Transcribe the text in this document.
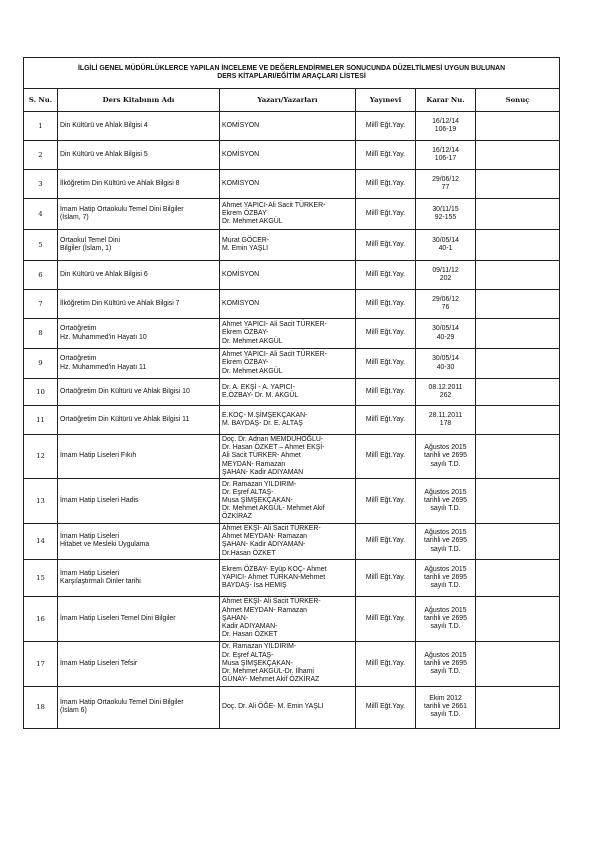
İLGİLİ GENEL MÜDÜRLÜKLERCE YAPILAN İNCELEME VE DEĞERLENDİRMELER SONUCUNDA DÜZELTİLMESİ UYGUN BULUNAN
DERS KİTAPLARI/EĞİTİM ARAÇLARI LİSTESİ					

S. Nu.	Ders Kitabının Adı	Yazarı/Yazarları	Yayınevi	Karar Nu.	Sonuç
1	Din Kültürü ve Ahlak Bilgisi 4	KOMİSYON	Millî Eğt.Yay.	16/12/14
106-19	
2	Din Kültürü ve Ahlak Bilgisi 5	KOMİSYON	Millî Eğt.Yay.	16/12/14
106-17	
3	İlköğretim Din Kültürü ve Ahlak Bilgisi 8	KOMİSYON	Millî Eğt.Yay.	29/06/12
77	
4	İmam Hatip Ortaokulu Temel Dini Bilgiler
(İslam, 7)	Ahmet YAPICI-Ali Sacit TÜRKER-
Ekrem ÖZBAY
Dr. Mehmet AKGÜL	Millî Eğt.Yay.	30/11/15
92-155	
5	Ortaokul Temel Dini
Bilgiler (İslam, 1)	Murat GÖCER-
M. Emin YAŞLI	Millî Eğt.Yay.	30/05/14
40-1	
6	Din Kültürü ve Ahlak Bilgisi 6	KOMİSYON	Millî Eğt.Yay.	09/11/12
202	
7	İlköğretim Din Kültürü ve Ahlak Bilgisi 7	KOMİSYON	Millî Eğt.Yay.	29/06/12
76	
8	Ortaöğretim
Hz. Muhammed'in Hayatı 10	Ahmet YAPICI- Ali Sacit TÜRKER-
Ekrem ÖZBAY-
Dr. Mehmet AKGÜL	Millî Eğt.Yay.	30/05/14
40-29	
9	Ortaöğretim
Hz. Muhammed'in Hayatı 11	Ahmet YAPICI- Ali Sacit TÜRKER-
Ekrem ÖZBAY-
Dr. Mehmet AKGÜL	Millî Eğt.Yay.	30/05/14
40-30	
10	Ortaöğretim Din Kültürü ve Ahlak Bilgisi 10	Dr. A. EKŞİ - A. YAPICI-
E.ÖZBAY- Dr. M. AKGÜL	Millî Eğt.Yay.	08.12.2011
262	
11	Ortaöğretim Din Kültürü ve Ahlak Bilgisi 11	E.KOÇ- M.ŞİMŞEKÇAKAN-
M. BAYDAŞ- Dr. E. ALTAŞ	Millî Eğt.Yay.	28.11.2011
178	
12	İmam Hatip Liseleri Fıkıh	Doç. Dr. Adnan MEMDUHOĞLU-
Dr. Hasan ÖZKET – Ahmet EKŞİ-
Ali Sacit TÜRKER- Ahmet
MEYDAN- Ramazan
ŞAHAN- Kadir ADIYAMAN	Millî Eğt.Yay.	Ağustos 2015
tarihli ve 2695
sayılı T.D.	
13	İmam Hatip Liseleri Hadis	Dr. Ramazan YILDIRIM-
Dr. Eşref ALTAŞ-
Musa ŞİMŞEKÇAKAN-
Dr. Mehmet AKGÜL- Mehmet Akif
ÖZKİRAZ	Millî Eğt.Yay.	Ağustos 2015
tarihli ve 2695
sayılı T.D.	
14	İmam Hatip Liseleri
Hitabet ve Mesleki Uygulama	Ahmet EKŞİ- Ali Sacit TÜRKER-
Ahmet MEYDAN- Ramazan
ŞAHAN- Kadir ADIYAMAN-
Dr.Hasan ÖZKET	Millî Eğt.Yay.	Ağustos 2015
tarihli ve 2695
sayılı T.D.	
15	İmam Hatip Liseleri
Karşılaştırmalı Dinler tarihi	Ekrem ÖZBAY- Eyüp KOÇ- Ahmet
YAPICI- Ahmet TÜRKAN-Mehmet
BAYDAŞ- İsa HEMİŞ	Millî Eğt.Yay.	Ağustos 2015
tarihli ve 2695
sayılı T.D.	
16	İmam Hatip Liseleri Temel Dini Bilgiler	Ahmet EKŞİ- Ali Sacit TÜRKER-
Ahmet MEYDAN- Ramazan
ŞAHAN-
Kadir ADIYAMAN-
Dr. Hasan ÖZKET	Millî Eğt.Yay.	Ağustos 2015
tarihli ve 2695
sayılı T.D.	
17	İmam Hatip Liseleri Tefsir	Dr. Ramazan YILDIRIM-
Dr. Eşref ALTAŞ-
Musa ŞİMŞEKÇAKAN-
Dr. Mehmet AKGÜL-Dr. İlhami
GÜNAY- Mehmet Akif ÖZKİRAZ	Millî Eğt.Yay.	Ağustos 2015
tarihli ve 2695
sayılı T.D.	
18	İmam Hatip Ortaokulu Temel Dini Bilgiler
(İslam 6)	Doç. Dr. Ali ÖĞE- M. Emin YAŞLI	Millî Eğt.Yay.	Ekim 2012
tarihli ve 2661
sayılı T.D.	
